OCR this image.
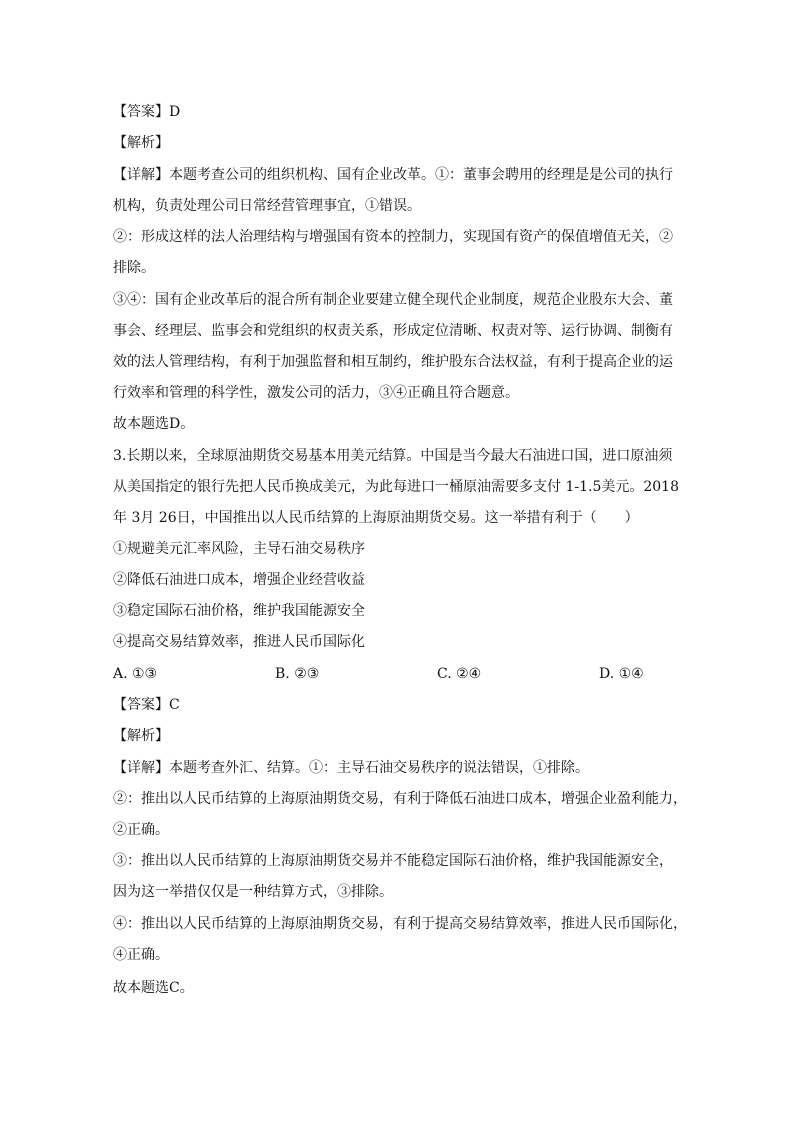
【答案】D
【解析】
【详解】本题考查公司的组织机构、国有企业改革。①：董事会聘用的经理是是公司的执行
机构，负责处理公司日常经营管理事宜，①错误。
②：形成这样的法人治理结构与增强国有资本的控制力，实现国有资产的保值增值无关，②
排除。
③④：国有企业改革后的混合所有制企业要建立健全现代企业制度，规范企业股东大会、董
事会、经理层、监事会和党组织的权责关系，形成定位清晰、权责对等、运行协调、制衡有
效的法人管理结构，有利于加强监督和相互制约，维护股东合法权益，有利于提高企业的运
行效率和管理的科学性，激发公司的活力，③④正确且符合题意。
故本题选D。
3.长期以来，全球原油期货交易基本用美元结算。中国是当今最大石油进口国，进口原油须
从美国指定的银行先把人民币换成美元，为此每进口一桶原油需要多支付 1-1.5美元。2018
年 3月 26日，中国推出以人民币结算的上海原油期货交易。这一举措有利于（　　）
①规避美元汇率风险，主导石油交易秩序
②降低石油进口成本，增强企业经营收益
③稳定国际石油价格，维护我国能源安全
④提高交易结算效率，推进人民币国际化
A. ①③	B. ②③	C. ②④	D. ①④
【答案】C
【解析】
【详解】本题考查外汇、结算。①：主导石油交易秩序的说法错误，①排除。
②：推出以人民币结算的上海原油期货交易，有利于降低石油进口成本，增强企业盈利能力，
②正确。
③：推出以人民币结算的上海原油期货交易并不能稳定国际石油价格，维护我国能源安全，
因为这一举措仅仅是一种结算方式，③排除。
④：推出以人民币结算的上海原油期货交易，有利于提高交易结算效率，推进人民币国际化，
④正确。
故本题选C。
